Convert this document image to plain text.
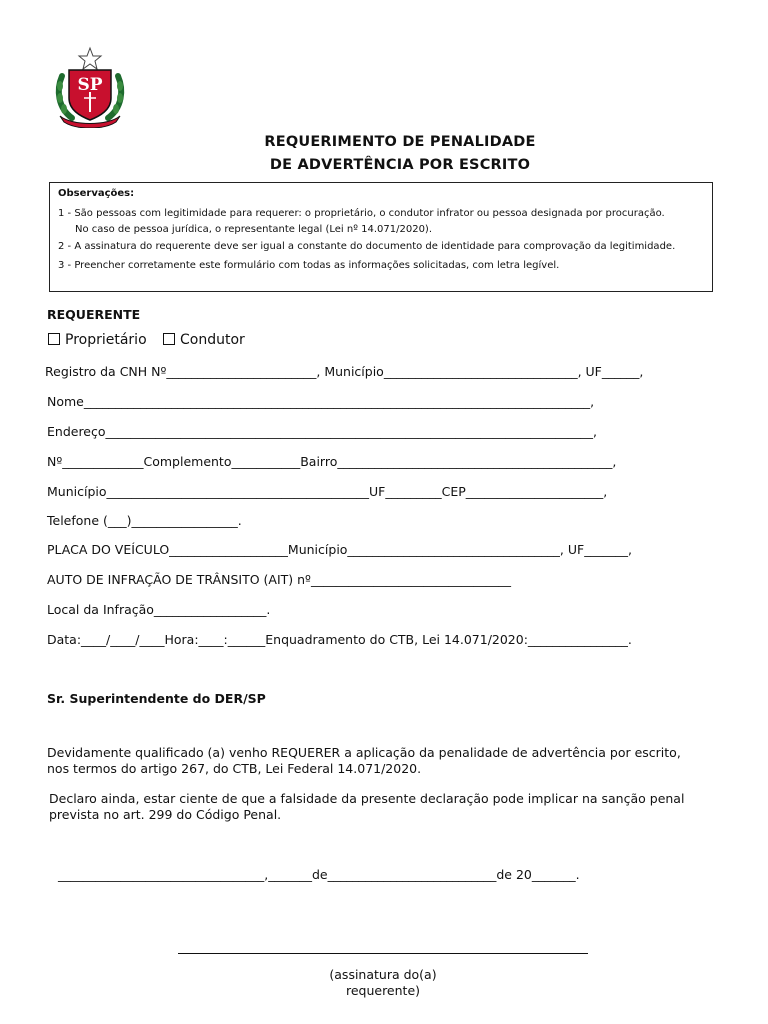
SP
REQUERIMENTO DE PENALIDADE
DE ADVERTÊNCIA POR ESCRITO
Observações:
1 - São pessoas com legitimidade para requerer: o proprietário, o condutor infrator ou pessoa designada por procuração.
No caso de pessoa jurídica, o representante legal (Lei nº 14.071/2020).
2 - A assinatura do requerente deve ser igual a constante do documento de identidade para comprovação da legitimidade.
3 - Preencher corretamente este formulário com todas as informações solicitadas, com letra legível.
REQUERENTE
Proprietário	Condutor
Registro da CNH Nº________________________, Município_______________________________, UF______,
Nome_________________________________________________________________________________,
Endereço______________________________________________________________________________,
Nº_____________Complemento___________Bairro____________________________________________,
Município__________________________________________UF_________CEP______________________,
Telefone (___)_________________.
PLACA DO VEÍCULO___________________Município__________________________________, UF_______,
AUTO DE INFRAÇÃO DE TRÂNSITO (AIT) nº________________________________
Local da Infração__________________.
Data:____/____/____Hora:____:______Enquadramento do CTB, Lei 14.071/2020:________________.
Sr. Superintendente do DER/SP
Devidamente qualificado (a) venho REQUERER a aplicação da penalidade de advertência por escrito,
nos termos do artigo 267, do CTB, Lei Federal 14.071/2020.
Declaro ainda, estar ciente de que a falsidade da presente declaração pode implicar na sanção penal
prevista no art. 299 do Código Penal.
_________________________________,_______de___________________________de 20_______.
(assinatura do(a) requerente)
